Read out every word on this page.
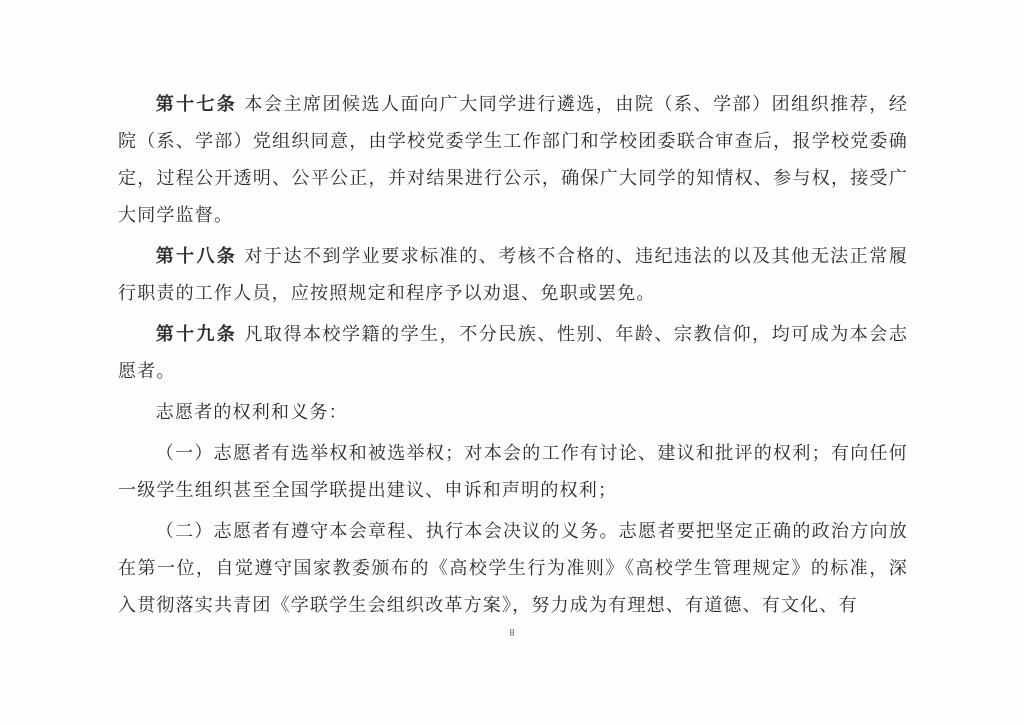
第十七条 本会主席团候选人面向广大同学进行遴选，由院（系、学部）团组织推荐，经院（系、学部）党组织同意，由学校党委学生工作部门和学校团委联合审查后，报学校党委确定，过程公开透明、公平公正，并对结果进行公示，确保广大同学的知情权、参与权，接受广大同学监督。

第十八条 对于达不到学业要求标准的、考核不合格的、违纪违法的以及其他无法正常履行职责的工作人员，应按照规定和程序予以劝退、免职或罢免。

第十九条 凡取得本校学籍的学生，不分民族、性别、年龄、宗教信仰，均可成为本会志愿者。

志愿者的权利和义务：

（一）志愿者有选举权和被选举权；对本会的工作有讨论、建议和批评的权利；有向任何一级学生组织甚至全国学联提出建议、申诉和声明的权利；

（二）志愿者有遵守本会章程、执行本会决议的义务。志愿者要把坚定正确的政治方向放在第一位，自觉遵守国家教委颁布的《高校学生行为准则》《高校学生管理规定》的标准，深入贯彻落实共青团《学联学生会组织改革方案》，努力成为有理想、有道德、有文化、有

8
